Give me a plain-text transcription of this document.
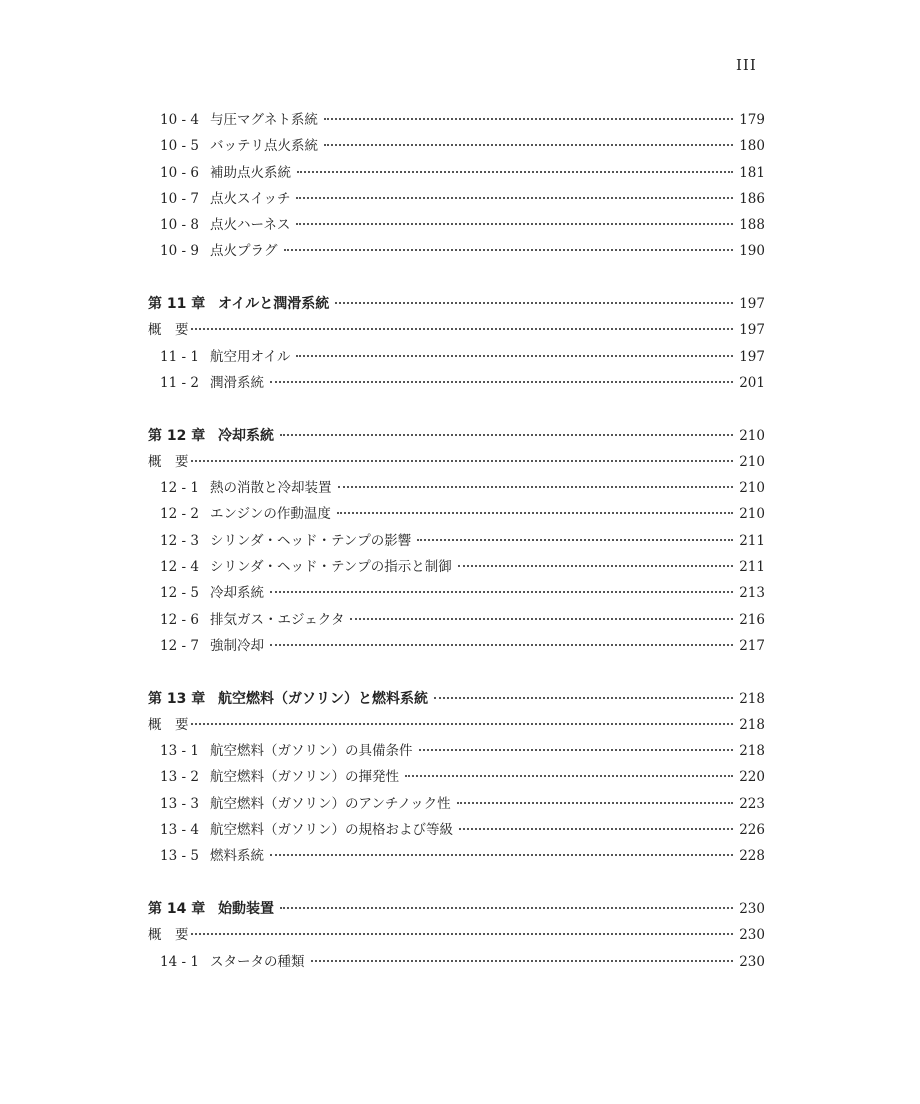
III
10 - 4 与圧マグネト系統	179
10 - 5 バッテリ点火系統	180
10 - 6 補助点火系統	181
10 - 7 点火スイッチ	186
10 - 8 点火ハーネス	188
10 - 9 点火プラグ	190
第 11 章 オイルと潤滑系統	197
概　要	197
11 - 1 航空用オイル	197
11 - 2 潤滑系統	201
第 12 章 冷却系統	210
概　要	210
12 - 1 熱の消散と冷却装置	210
12 - 2 エンジンの作動温度	210
12 - 3 シリンダ・ヘッド・テンプの影響	211
12 - 4 シリンダ・ヘッド・テンプの指示と制御	211
12 - 5 冷却系統	213
12 - 6 排気ガス・エジェクタ	216
12 - 7 強制冷却	217
第 13 章 航空燃料（ガソリン）と燃料系統	218
概　要	218
13 - 1 航空燃料（ガソリン）の具備条件	218
13 - 2 航空燃料（ガソリン）の揮発性	220
13 - 3 航空燃料（ガソリン）のアンチノック性	223
13 - 4 航空燃料（ガソリン）の規格および等級	226
13 - 5 燃料系統	228
第 14 章 始動装置	230
概　要	230
14 - 1 スタータの種類	230
